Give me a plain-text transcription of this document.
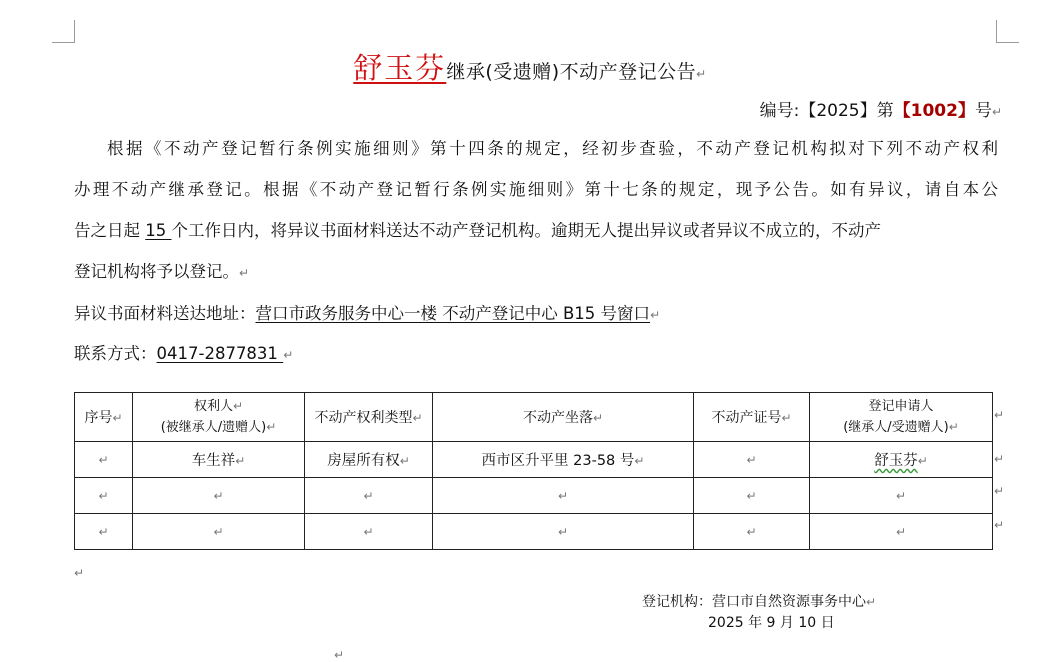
舒玉芬继承(受遗赠)不动产登记公告↵
编号:【2025】第【1002】号↵
根据《不动产登记暂行条例实施细则》第十四条的规定，经初步查验，不动产登记机构拟对下列不动产权利
办理不动产继承登记。根据《不动产登记暂行条例实施细则》第十七条的规定，现予公告。如有异议，请自本公
告之日起 15 个工作日内，将异议书面材料送达不动产登记机构。逾期无人提出异议或者异议不成立的，不动产
登记机构将予以登记。↵
异议书面材料送达地址：营口市政务服务中心一楼 不动产登记中心 B15 号窗口↵
联系方式：0417-2877831 ↵
序号↵	权利人↵
(被继承人/遗赠人)↵	不动产权利类型↵	不动产坐落↵	不动产证号↵	登记申请人
(继承人/受遗赠人)↵

↵	车生祥↵	房屋所有权↵	西市区升平里 23-58 号↵	↵	舒玉芬↵
↵	↵	↵	↵	↵	↵
↵	↵	↵	↵	↵	↵
↵
↵
↵
↵
↵
登记机构：营口市自然资源事务中心↵
2025 年 9 月 10 日
↵
